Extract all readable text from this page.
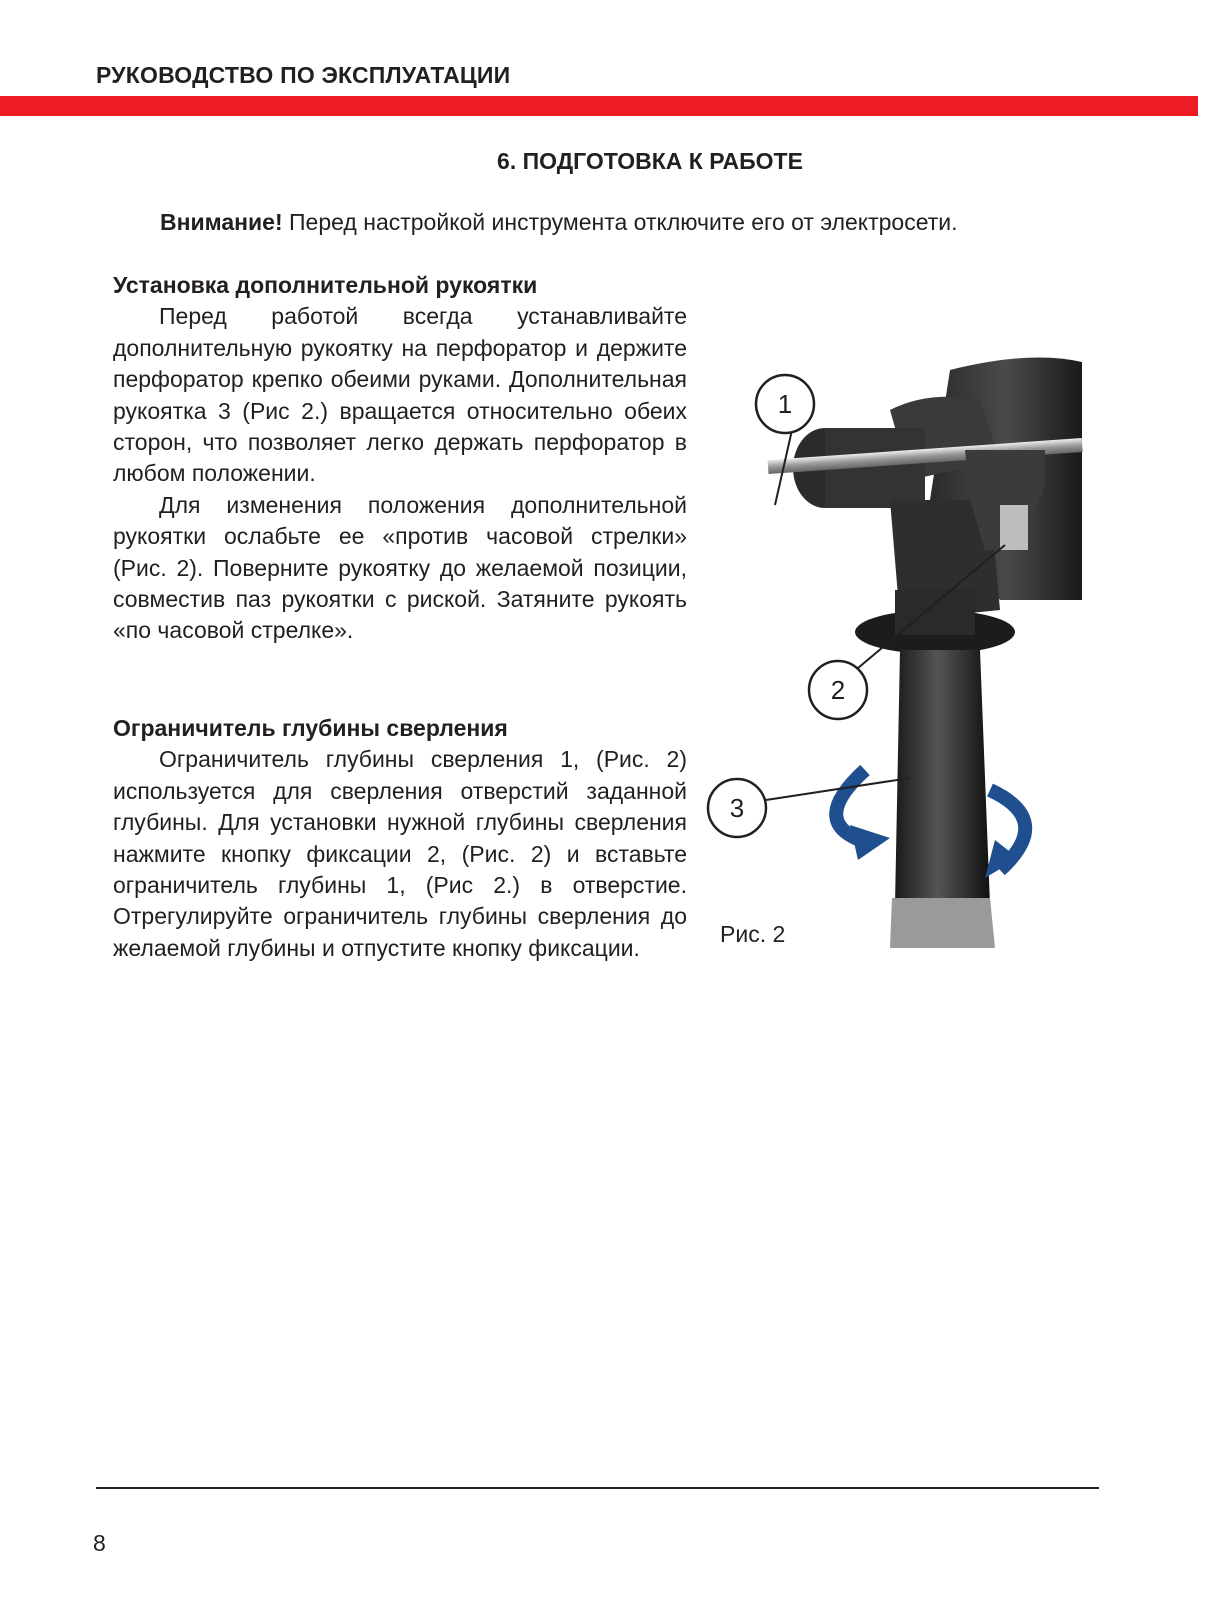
РУКОВОДСТВО ПО ЭКСПЛУАТАЦИИ
6. ПОДГОТОВКА К РАБОТЕ
Внимание! Перед настройкой инструмента отключите его от электросети.
Установка дополнительной рукоятки

Перед работой всегда устанавливайте дополнительную рукоятку на перфоратор и держите перфоратор крепко обеими руками. Дополнительная рукоятка 3 (Рис 2.) вращается относительно обеих сторон, что позволяет легко держать перфоратор в любом положении.

Для изменения положения дополнительной рукоятки ослабьте ее «против часовой стрелки» (Рис. 2). Поверните рукоятку до желаемой позиции, совместив паз рукоятки с риской. Затяните рукоять «по часовой стрелке».

Ограничитель глубины сверления

Ограничитель глубины сверления 1, (Рис. 2) используется для сверления отверстий заданной глубины. Для установки нужной глубины сверления нажмите кнопку фиксации 2, (Рис. 2) и вставьте ограничитель глубины 1, (Рис 2.) в отверстие. Отрегулируйте ограничитель глубины сверления до желаемой глубины и отпустите кнопку фиксации.

1
2
3
Рис. 2
8
